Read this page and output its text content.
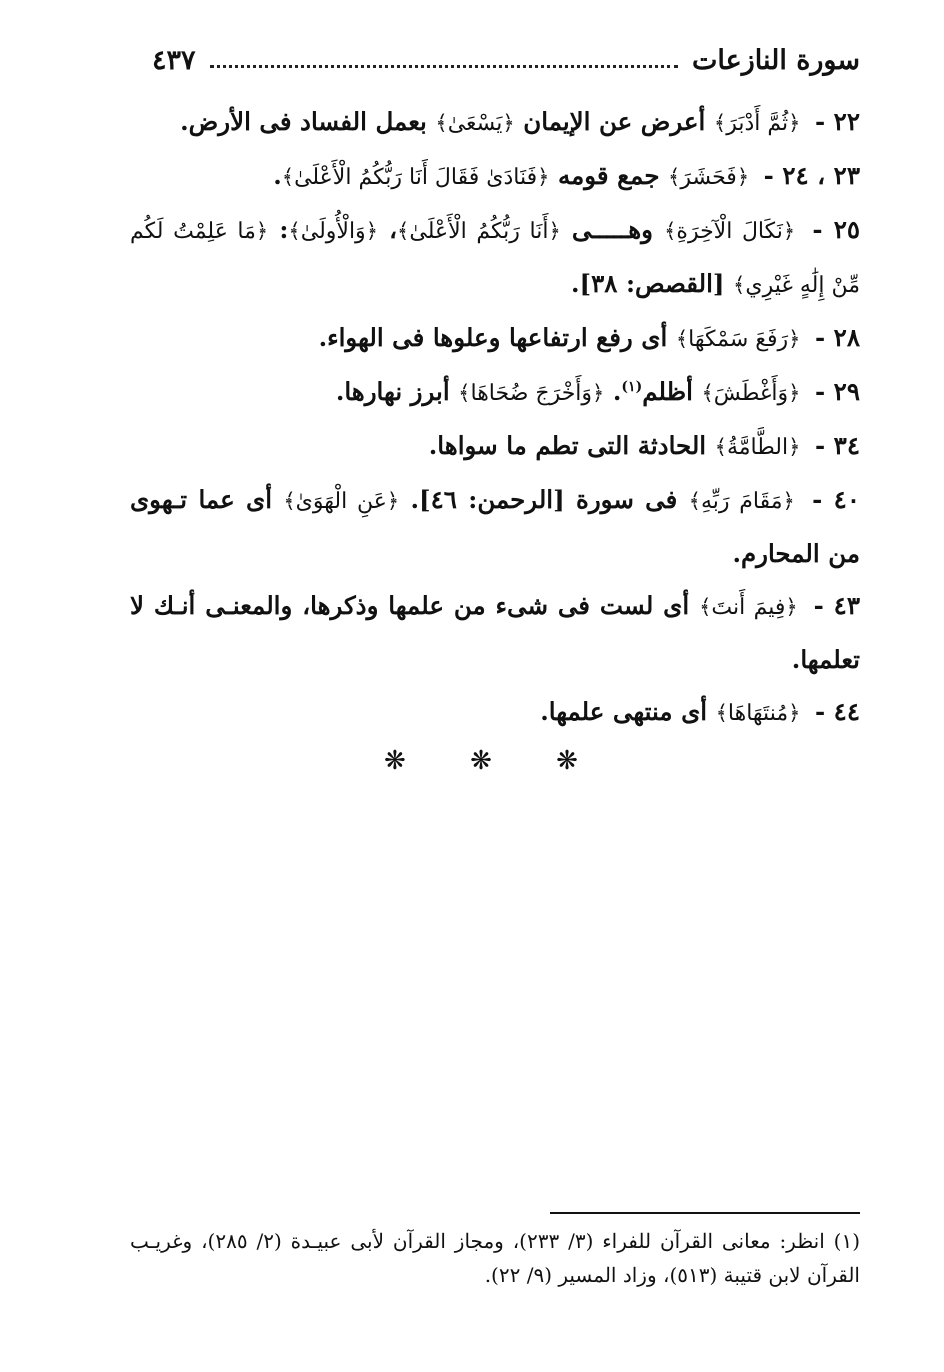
سورة النازعات
٤٣٧

٢٢ - ﴿ثُمَّ أَدْبَرَ﴾ أعرض عن الإيمان ﴿يَسْعَىٰ﴾ بعمل الفساد فى الأرض.

٢٣ ، ٢٤ - ﴿فَحَشَرَ﴾ جمع قومه ﴿فَنَادَىٰ فَقَالَ أَنَا رَبُّكُمُ الْأَعْلَىٰ﴾.

٢٥ - ﴿نَكَالَ الْآخِرَةِ﴾ وهـــــى ﴿أَنَا رَبُّكُمُ الْأَعْلَىٰ﴾، ﴿وَالْأُولَىٰ﴾: ﴿مَا عَلِمْتُ لَكُم مِّنْ إِلَٰهٍ غَيْرِي﴾ [القصص: ٣٨].

٢٨ - ﴿رَفَعَ سَمْكَهَا﴾ أى رفع ارتفاعها وعلوها فى الهواء.

٢٩ - ﴿وَأَغْطَشَ﴾ أظلم$^{(١)}$. ﴿وَأَخْرَجَ ضُحَاهَا﴾ أبرز نهارها.

٣٤ - ﴿الطَّامَّةُ﴾ الحادثة التى تطم ما سواها.

٤٠ - ﴿مَقَامَ رَبِّهِ﴾ فى سورة [الرحمن: ٤٦]. ﴿عَنِ الْهَوَىٰ﴾ أى عما تـهوى من المحارم.

٤٣ - ﴿فِيمَ أَنتَ﴾ أى لست فى شىء من علمها وذكرها، والمعنـى أنـك لا تعلمها.

٤٤ - ﴿مُنتَهَاهَا﴾ أى منتهى علمها.

❋ ❋ ❋
(١) انظر: معانى القرآن للفراء (٣/ ٢٣٣)، ومجاز القرآن لأبى عبيـدة (٢/ ٢٨٥)، وغريـب القرآن لابن قتيبة (٥١٣)، وزاد المسير (٩/ ٢٢).
